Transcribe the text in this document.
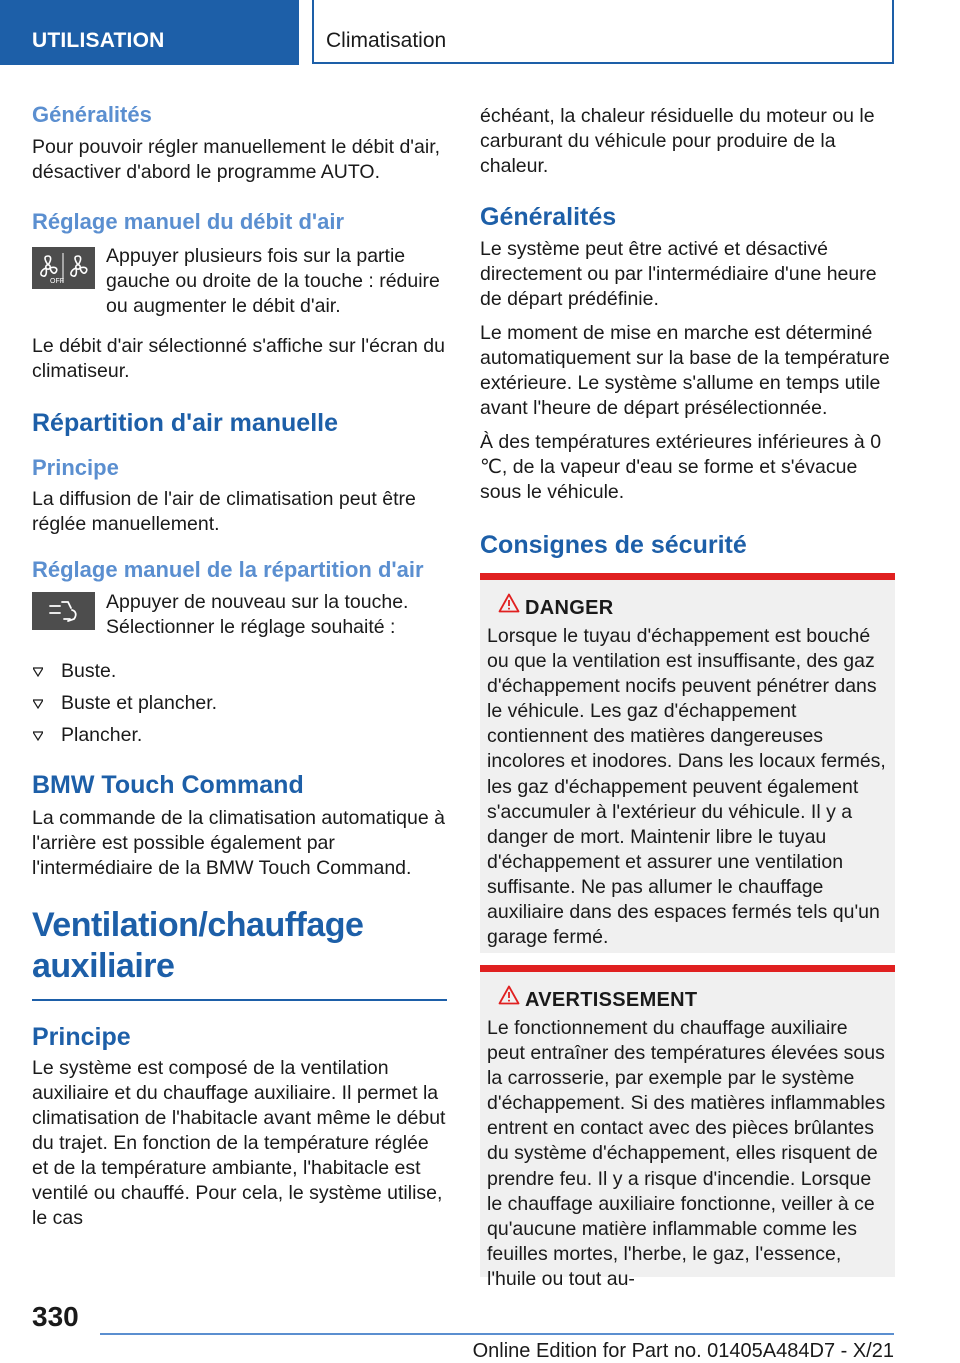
UTILISATION	Climatisation
Généralités

Pour pouvoir régler manuellement le débit d'air, désactiver d'abord le programme AUTO.

Réglage manuel du débit d'air
OFF

Appuyer plusieurs fois sur la partie gauche ou droite de la touche : réduire ou augmenter le débit d'air.

Le débit d'air sélectionné s'affiche sur l'écran du climatiseur.

Répartition d'air manuelle
Principe

La diffusion de l'air de climatisation peut être réglée manuellement.

Réglage manuel de la répartition d'air

Appuyer de nouveau sur la touche. Sélectionner le réglage souhaité :

Buste.
Buste et plancher.
Plancher.
BMW Touch Command

La commande de la climatisation automatique à l'arrière est possible également par l'intermédiaire de la BMW Touch Command.

Ventilation/chauffage auxiliaire
Principe

Le système est composé de la ventilation auxiliaire et du chauffage auxiliaire. Il permet la climatisation de l'habitacle avant même le début du trajet. En fonction de la température réglée et de la température ambiante, l'habitacle est ventilé ou chauffé. Pour cela, le système utilise, le cas

échéant, la chaleur résiduelle du moteur ou le carburant du véhicule pour produire de la chaleur.

Généralités

Le système peut être activé et désactivé directement ou par l'intermédiaire d'une heure de départ prédéfinie.

Le moment de mise en marche est déterminé automatiquement sur la base de la température extérieure. Le système s'allume en temps utile avant l'heure de départ présélectionnée.

À des températures extérieures inférieures à 0 ℃, de la vapeur d'eau se forme et s'évacue sous le véhicule.

Consignes de sécurité
DANGER

Lorsque le tuyau d'échappement est bouché ou que la ventilation est insuffisante, des gaz d'échappement nocifs peuvent pénétrer dans le véhicule. Les gaz d'échappement contiennent des matières dangereuses incolores et inodores. Dans les locaux fermés, les gaz d'échappement peuvent également s'accumuler à l'extérieur du véhicule. Il y a danger de mort. Maintenir libre le tuyau d'échappement et assurer une ventilation suffisante. Ne pas allumer le chauffage auxiliaire dans des espaces fermés tels qu'un garage fermé.

AVERTISSEMENT

Le fonctionnement du chauffage auxiliaire peut entraîner des températures élevées sous la carrosserie, par exemple par le système d'échappement. Si des matières inflammables entrent en contact avec des pièces brûlantes du système d'échappement, elles risquent de prendre feu. Il y a risque d'incendie. Lorsque le chauffage auxiliaire fonctionne, veiller à ce qu'aucune matière inflammable comme les feuilles mortes, l'herbe, le gaz, l'essence, l'huile ou tout au-

330
Online Edition for Part no. 01405A484D7 - X/21
